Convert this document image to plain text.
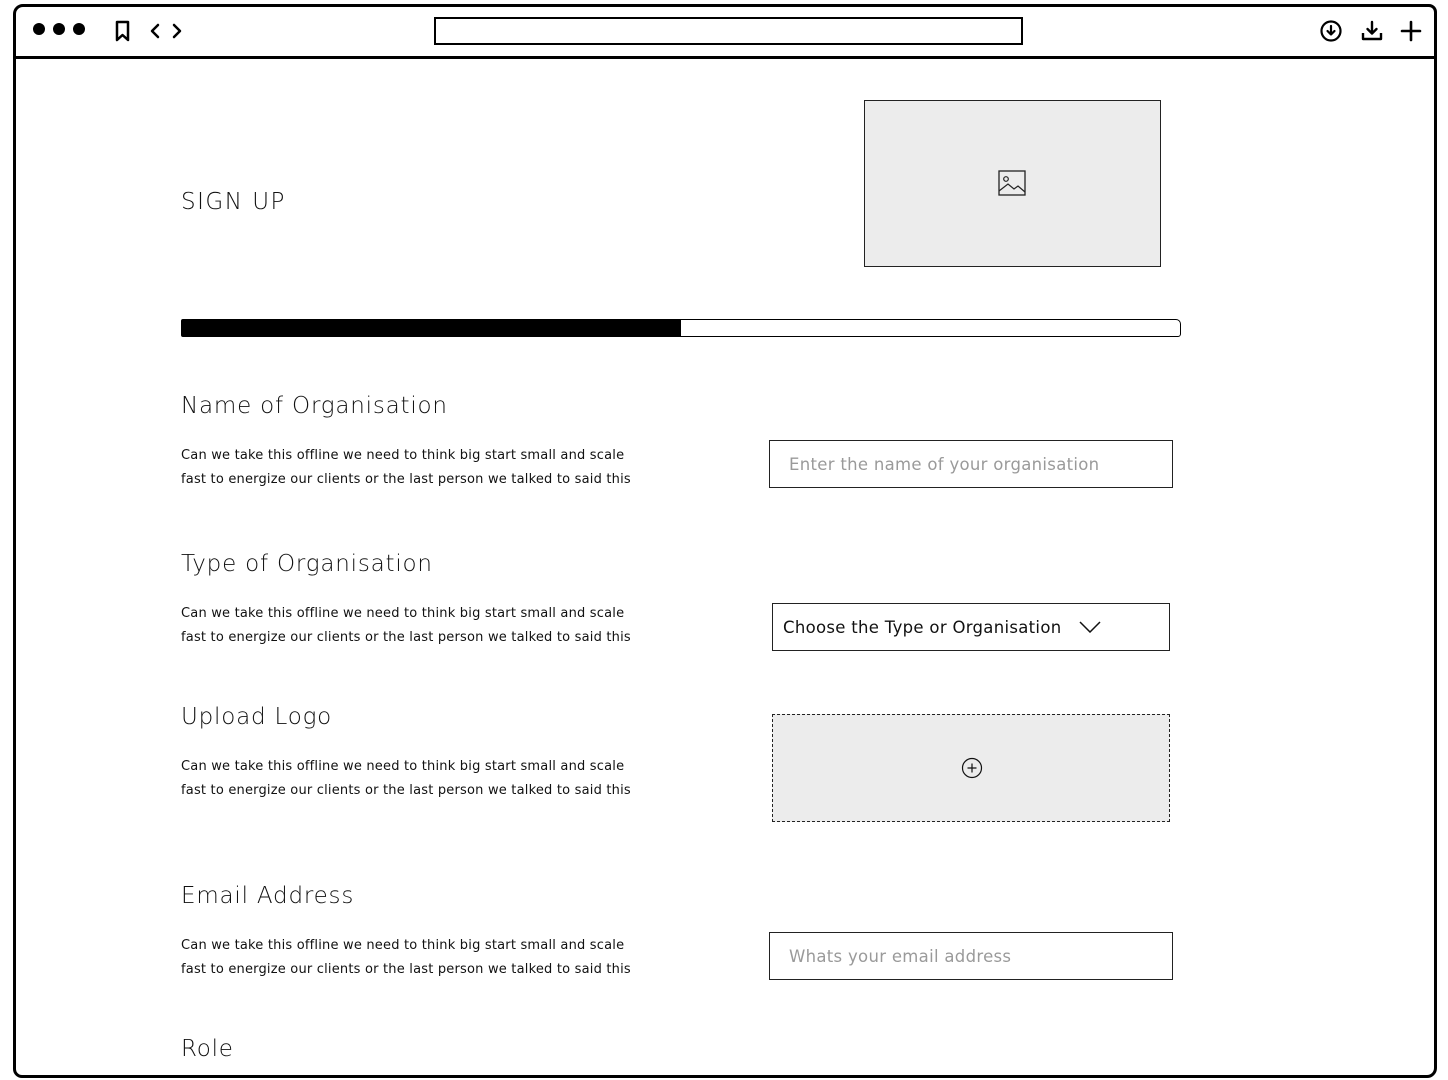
SIGN UP
Name of Organisation
Can we take this offline we need to think big start small and scale fast to energize our clients or the last person we talked to said this
Enter the name of your organisation
Type of Organisation
Can we take this offline we need to think big start small and scale fast to energize our clients or the last person we talked to said this
Choose the Type or Organisation
Upload Logo
Can we take this offline we need to think big start small and scale fast to energize our clients or the last person we talked to said this
Email Address
Can we take this offline we need to think big start small and scale fast to energize our clients or the last person we talked to said this
Whats your email address
Role
